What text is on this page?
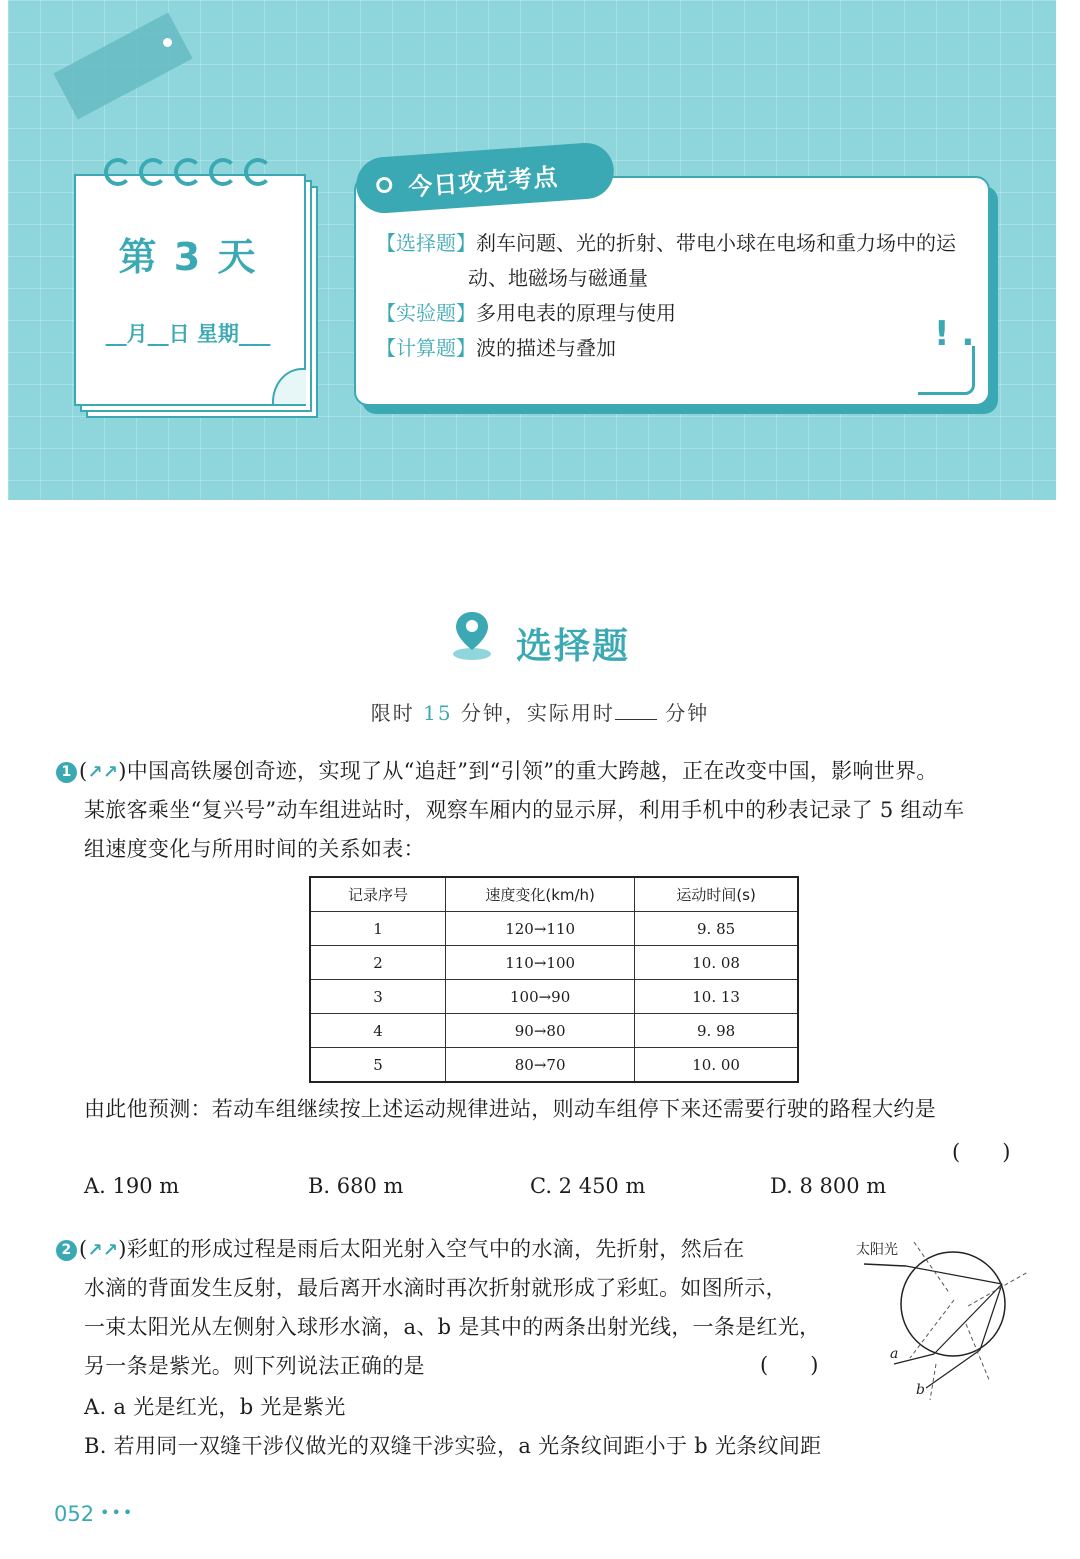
第 3 天
__月__日 星期___
今日攻克考点
【选择题】刹车问题、光的折射、带电小球在电场和重力场中的运
动、地磁场与磁通量
【实验题】多用电表的原理与使用
【计算题】波的描述与叠加	! .
选择题
限时 15 分钟，实际用时	分钟
1 (↗↗)中国高铁屡创奇迹，实现了从“追赶”到“引领”的重大跨越，正在改变中国，影响世界。
某旅客乘坐“复兴号”动车组进站时，观察车厢内的显示屏，利用手机中的秒表记录了 5 组动车
组速度变化与所用时间的关系如表：
记录序号	速度变化(km/h)	运动时间(s)
1	120→110	9. 85
2	110→100	10. 08
3	100→90	10. 13
4	90→80	9. 98
5	80→70	10. 00
由此他预测：若动车组继续按上述运动规律进站，则动车组停下来还需要行驶的路程大约是
(　　)
A. 190 m	B. 680 m	C. 2 450 m	D. 8 800 m
2 (↗↗)彩虹的形成过程是雨后太阳光射入空气中的水滴，先折射，然后在
水滴的背面发生反射，最后离开水滴时再次折射就形成了彩虹。如图所示，
一束太阳光从左侧射入球形水滴，a、b 是其中的两条出射光线，一条是红光，
另一条是紫光。则下列说法正确的是	(　　)
A. a 光是红光，b 光是紫光
B. 若用同一双缝干涉仪做光的双缝干涉实验，a 光条纹间距小于 b 光条纹间距
太阳光
a
b
052 •••
